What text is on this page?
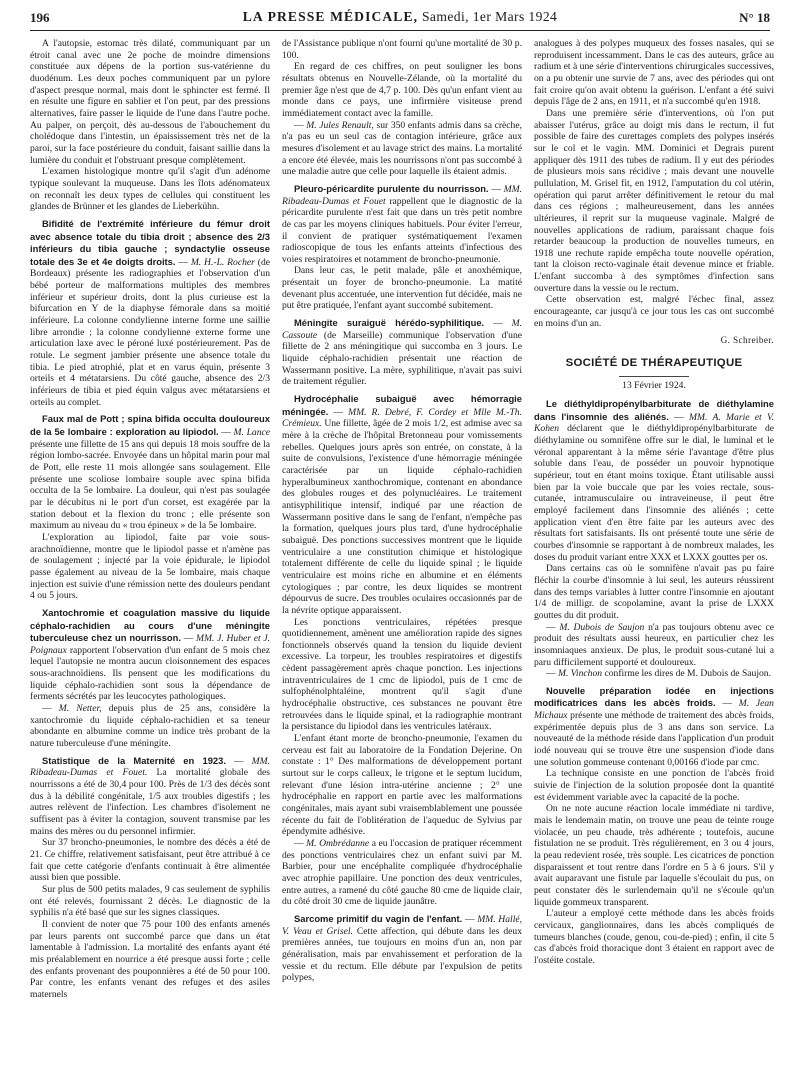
196	LA PRESSE MÉDICALE, Samedi, 1er Mars 1924	N° 18

A l'autopsie, estomac très dilaté, communiquant par un étroit canal avec une 2e poche de moindre dimensions constituée aux dépens de la portion sus-vatérienne du duodénum. Les deux poches communiquent par un pylore d'aspect presque normal, mais dont le sphincter est fermé. Il en résulte une figure en sablier et l'on peut, par des pressions alternatives, faire passer le liquide de l'une dans l'autre poche. Au palper, on perçoit, dès au-dessous de l'abouchement du cholédoque dans l'intestin, un épaississement très net de la paroi, sur la face postérieure du conduit, faisant saillie dans la lumière du conduit et l'obstruant presque complètement.

L'examen histologique montre qu'il s'agit d'un adénome typique soulevant la muqueuse. Dans les îlots adénomateux on reconnaît les deux types de cellules qui constituent les glandes de Brünner et les glandes de Lieberkühn.

Bifidité de l'extrémité inférieure du fémur droit avec absence totale du tibia droit ; absence des 2/3 inférieurs du tibia gauche ; syndactylie osseuse totale des 3e et 4e doigts droits. — M. H.-L. Rocher (de Bordeaux) présente les radiographies et l'observation d'un bébé porteur de malformations multiples des membres inférieur et supérieur droits, dont la plus curieuse est la bifurcation en Y de la diaphyse fémorale dans sa moitié inférieure. La colonne condylienne interne forme une saillie libre arrondie ; la colonne condylienne externe forme une articulation laxe avec le péroné luxé postérieurement. Pas de rotule. Le segment jambier présente une absence totale du tibia. Le pied atrophié, plat et en varus équin, présente 3 orteils et 4 métatarsiens. Du côté gauche, absence des 2/3 inférieurs de tibia et pied équin valgus avec métatarsiens et orteils au complet.

Faux mal de Pott ; spina bifida occulta douloureux de la 5e lombaire : exploration au lipiodol. — M. Lance présente une fillette de 15 ans qui depuis 18 mois souffre de la région lombo-sacrée. Envoyée dans un hôpital marin pour mal de Pott, elle reste 11 mois allongée sans soulagement. Elle présente une scoliose lombaire souple avec spina bifida occulta de la 5e lombaire. La douleur, qui n'est pas soulagée par le décubitus ni le port d'un corset, est exagérée par la station debout et la flexion du tronc ; elle présente son maximum au niveau du « trou épineux » de la 5e lombaire.

L'exploration au lipiodol, faite par voie sous-arachnoïdienne, montre que le lipiodol passe et n'amène pas de soulagement ; injecté par la voie épidurale, le lipiodol passe également au niveau de la 5e lombaire, mais chaque injection est suivie d'une rémission nette des douleurs pendant 4 ou 5 jours.

Xantochromie et coagulation massive du liquide céphalo-rachidien au cours d'une méningite tuberculeuse chez un nourrisson. — MM. J. Huber et J. Poignaux rapportent l'observation d'un enfant de 5 mois chez lequel l'autopsie ne montra aucun cloisonnement des espaces sous-arachnoïdiens. Ils pensent que les modifications du liquide céphalo-rachidien sont sous la dépendance de ferments sécrétés par les leucocytes pathologiques.

— M. Netter, depuis plus de 25 ans, considère la xantochromie du liquide céphalo-rachidien et sa teneur abondante en albumine comme un indice très probant de la nature tuberculeuse d'une méningite.

Statistique de la Maternité en 1923. — MM. Ribadeau-Dumas et Fouet. La mortalité globale des nourrissons a été de 30,4 pour 100. Près de 1/3 des décès sont dus à la débilité congénitale, 1/5 aux troubles digestifs ; les autres relèvent de l'infection. Les chambres d'isolement ne suffisent pas à éviter la contagion, souvent transmise par les mains des mères ou du personnel infirmier.

Sur 37 broncho-pneumonies, le nombre des décès a été de 21. Ce chiffre, relativement satisfaisant, peut être attribué à ce fait que cette catégorie d'enfants continuait à être alimentée aussi bien que possible.

Sur plus de 500 petits malades, 9 cas seulement de syphilis ont été relevés, fournissant 2 décès. Le diagnostic de la syphilis n'a été basé que sur les signes classiques.

Il convient de noter que 75 pour 100 des enfants amenés par leurs parents ont succombé parce que dans un état lamentable à l'admission. La mortalité des enfants ayant été mis préalablement en nourrice a été presque aussi forte ; celle des enfants provenant des pouponnières a été de 50 pour 100. Par contre, les enfants venant des refuges et des asiles maternels

de l'Assistance publique n'ont fourni qu'une mortalité de 30 p. 100.

En regard de ces chiffres, on peut souligner les bons résultats obtenus en Nouvelle-Zélande, où la mortalité du premier âge n'est que de 4,7 p. 100. Dès qu'un enfant vient au monde dans ce pays, une infirmière visiteuse prend immédiatement contact avec la famille.

— M. Jules Renault, sur 350 enfants admis dans sa crèche, n'a pas eu un seul cas de contagion intérieure, grâce aux mesures d'isolement et au lavage strict des mains. La mortalité a encore été élevée, mais les nourrissons n'ont pas succombé à une maladie autre que celle pour laquelle ils étaient admis.

Pleuro-péricardite purulente du nourrisson. — MM. Ribadeau-Dumas et Fouet rappellent que le diagnostic de la péricardite purulente n'est fait que dans un très petit nombre de cas par les moyens cliniques habituels. Pour éviter l'erreur, il convient de pratiquer systématiquement l'examen radioscopique de tous les enfants atteints d'infectious des voies respiratoires et notamment de broncho-pneumonie.

Dans leur cas, le petit malade, pâle et anoxhémique, présentait un foyer de broncho-pneumonie. La matité devenant plus accentuée, une intervention fut décidée, mais ne put être pratiquée, l'enfant ayant succombé subitement.

Méningite suraiguë hérédo-syphilitique. — M. Cassoute (de Marseille) communique l'observation d'une fillette de 2 ans méningitique qui succomba en 3 jours. Le liquide céphalo-rachidien présentait une réaction de Wassermann positive. La mère, syphilitique, n'avait pas suivi de traitement régulier.

Hydrocéphalie subaiguë avec hémorragie méningée. — MM. R. Debré, F. Cordey et Mlle M.-Th. Crémieux. Une fillette, âgée de 2 mois 1/2, est admise avec sa mère à la crèche de l'hôpital Bretonneau pour vomissements rebelles. Quelques jours après son entrée, on constate, à la suite de convulsions, l'existence d'une hémorragie méningée caractérisée par un liquide céphalo-rachidien hyperalbumineux xanthochromique, contenant en abondance des globules rouges et des polynucléaires. Le traitement antisyphilitique intensif, indiqué par une réaction de Wassermann positive dans le sang de l'enfant, n'empêche pas la formation, quelques jours plus tard, d'une hydrocéphalie subaiguë. Des ponctions successives montrent que le liquide ventriculaire a une constitution chimique et histologique totalement différente de celle du liquide spinal ; le liquide ventriculaire est moins riche en albumine et en éléments cytologiques ; par contre, les deux liquides se montrent dépourvus de sucre. Des troubles oculaires occasionnés par de la névrite optique apparaissent.

Les ponctions ventriculaires, répétées presque quotidiennement, amènent une amélioration rapide des signes fonctionnels observés quand la tension du liquide devient excessive. La torpeur, les troubles respiratoires et digestifs cèdent passagèrement après chaque ponction. Les injections intraventriculaires de 1 cmc de lipiodol, puis de 1 cmc de sulfophénolphtaléine, montrent qu'il s'agit d'une hydrocéphalie obstructive, ces substances ne pouvant être retrouvées dans le liquide spinal, et la radiographie montrant la persistance du lipiodol dans les ventricules latéraux.

L'enfant étant morte de broncho-pneumonie, l'examen du cerveau est fait au laboratoire de la Fondation Dejerine. On constate : 1° Des malformations de développement portant surtout sur le corps calleux, le trigone et le septum lucidum, relevant d'une lésion intra-utérine ancienne ; 2° une hydrocéphalie en rapport en partie avec les malformations congénitales, mais ayant subi vraisemblablement une poussée récente du fait de l'oblitération de l'aqueduc de Sylvius par épendymite adhésive.

— M. Ombrédanne a eu l'occasion de pratiquer récemment des ponctions ventriculaires chez un enfant suivi par M. Barbier, pour une encéphalite compliquée d'hydrocéphalie avec atrophie papillaire. Une ponction des deux ventricules, entre autres, a ramené du côté gauche 80 cme de liquide clair, du côté droit 30 cme de liquide jaunâtre.

Sarcome primitif du vagin de l'enfant. — MM. Hallé, V. Veau et Grisel. Cette affection, qui débute dans les deux premières années, tue toujours en moins d'un an, non par généralisation, mais par envahissement et perforation de la vessie et du rectum. Elle débute par l'expulsion de petits polypes,

analogues à des polypes muqueux des fosses nasales, qui se reproduisent incessamment. Dans le cas des auteurs, grâce au radium et à une série d'interventions chirurgicales successives, on a pu obtenir une survie de 7 ans, avec des périodes qui ont fait croire qu'on avait obtenu la guérison. L'enfant a été suivi depuis l'âge de 2 ans, en 1911, et n'a succombé qu'en 1918.

Dans une première série d'interventions, où l'on put abaisser l'utérus, grâce au doigt mis dans le rectum, il fut possible de faire des curettages complets des polypes insérés sur le col et le vagin. MM. Dominici et Degrais purent appliquer dès 1911 des tubes de radium. Il y eut des périodes de plusieurs mois sans récidive ; mais devant une nouvelle pullulation, M. Grisel fit, en 1912, l'amputation du col utérin, opération qui parut arrêter définitivement le retour du mal dans ces régions ; malheureusement, dans les années ultérieures, il reprit sur la muqueuse vaginale. Malgré de nouvelles applications de radium, paraissant chaque fois retarder beaucoup la production de nouvelles tumeurs, en 1918 une rechute rapide empêcha toute nouvelle opération, tant la cloison recto-vaginale était devenue mince et friable. L'enfant succomba à des symptômes d'infection sans ouverture dans la vessie ou le rectum.

Cette observation est, malgré l'échec final, assez encourageante, car jusqu'à ce jour tous les cas ont succombé en moins d'un an.

G. Schreiber.

SOCIÉTÉ DE THÉRAPEUTIQUE

13 Février 1924.

Le diéthyldipropénylbarbiturate de diéthylamine dans l'insomnie des aliénés. — MM. A. Marie et V. Kohen déclarent que le diéthyldipropénylbarbiturate de diéthylamine ou somnifène offre sur le dial, le luminal et le véronal apparentant à la même série l'avantage d'être plus soluble dans l'eau, de posséder un pouvoir hypnotique supérieur, tout en étant moins toxique. Étant utilisable aussi bien par la voie buccale que par les voies rectale, sous-cutanée, intramusculaire ou intraveineuse, il peut être employé facilement dans l'insomnie des aliénés ; cette application vient d'en être faite par les auteurs avec des résultats fort satisfaisants. Ils ont présenté toute une série de courbes d'insomnie se rapportant à de nombreux malades, les doses du produit variant entre XXX et LXXX gouttes per os.

Dans certains cas où le somnifène n'avait pas pu faire fléchir la courbe d'insomnie à lui seul, les auteurs réussirent dans des temps variables à lutter contre l'insomnie en ajoutant 1/4 de milligr. de scopolamine, avant la prise de LXXX gouttes du dit produit.

— M. Dubois de Saujon n'a pas toujours obtenu avec ce produit des résultats aussi heureux, en particulier chez les insomniaques anxieux. De plus, le produit sous-cutané lui a paru difficilement supporté et douloureux.

— M. Vinchon confirme les dires de M. Dubois de Saujon.

Nouvelle préparation iodée en injections modificatrices dans les abcès froids. — M. Jean Michaux présente une méthode de traitement des abcès froids, expérimentée depuis plus de 3 ans dans son service. La nouveauté de la méthode réside dans l'application d'un produit iodé nouveau qui se trouve être une suspension d'iode dans une solution gommeuse contenant 0,00166 d'iode par cmc.

La technique consiste en une ponction de l'abcès froid suivie de l'injection de la solution proposée dont la quantité est évidemment variable avec la capacité de la poche.

On ne note aucune réaction locale immédiate ni tardive, mais le lendemain matin, on trouve une peau de teinte rouge violacée, un peu chaude, très adhérente ; toutefois, aucune fistulation ne se produit. Très régulièrement, en 3 ou 4 jours, la peau redevient rosée, très souple. Les cicatrices de ponction disparaissent et tout rentre dans l'ordre en 5 à 6 jours. S'il y avait auparavant une fistule par laquelle s'écoulait du pus, on peut constater dès le surlendemain qu'il ne s'écoule qu'un liquide gommeux transparent.

L'auteur a employé cette méthode dans les abcès froids cervicaux, ganglionnaires, dans les abcès compliqués de tumeurs blanches (coude, genou, cou-de-pied) ; enfin, il cite 5 cas d'abcès froid thoracique dont 3 étaient en rapport avec de l'ostéite costale.
